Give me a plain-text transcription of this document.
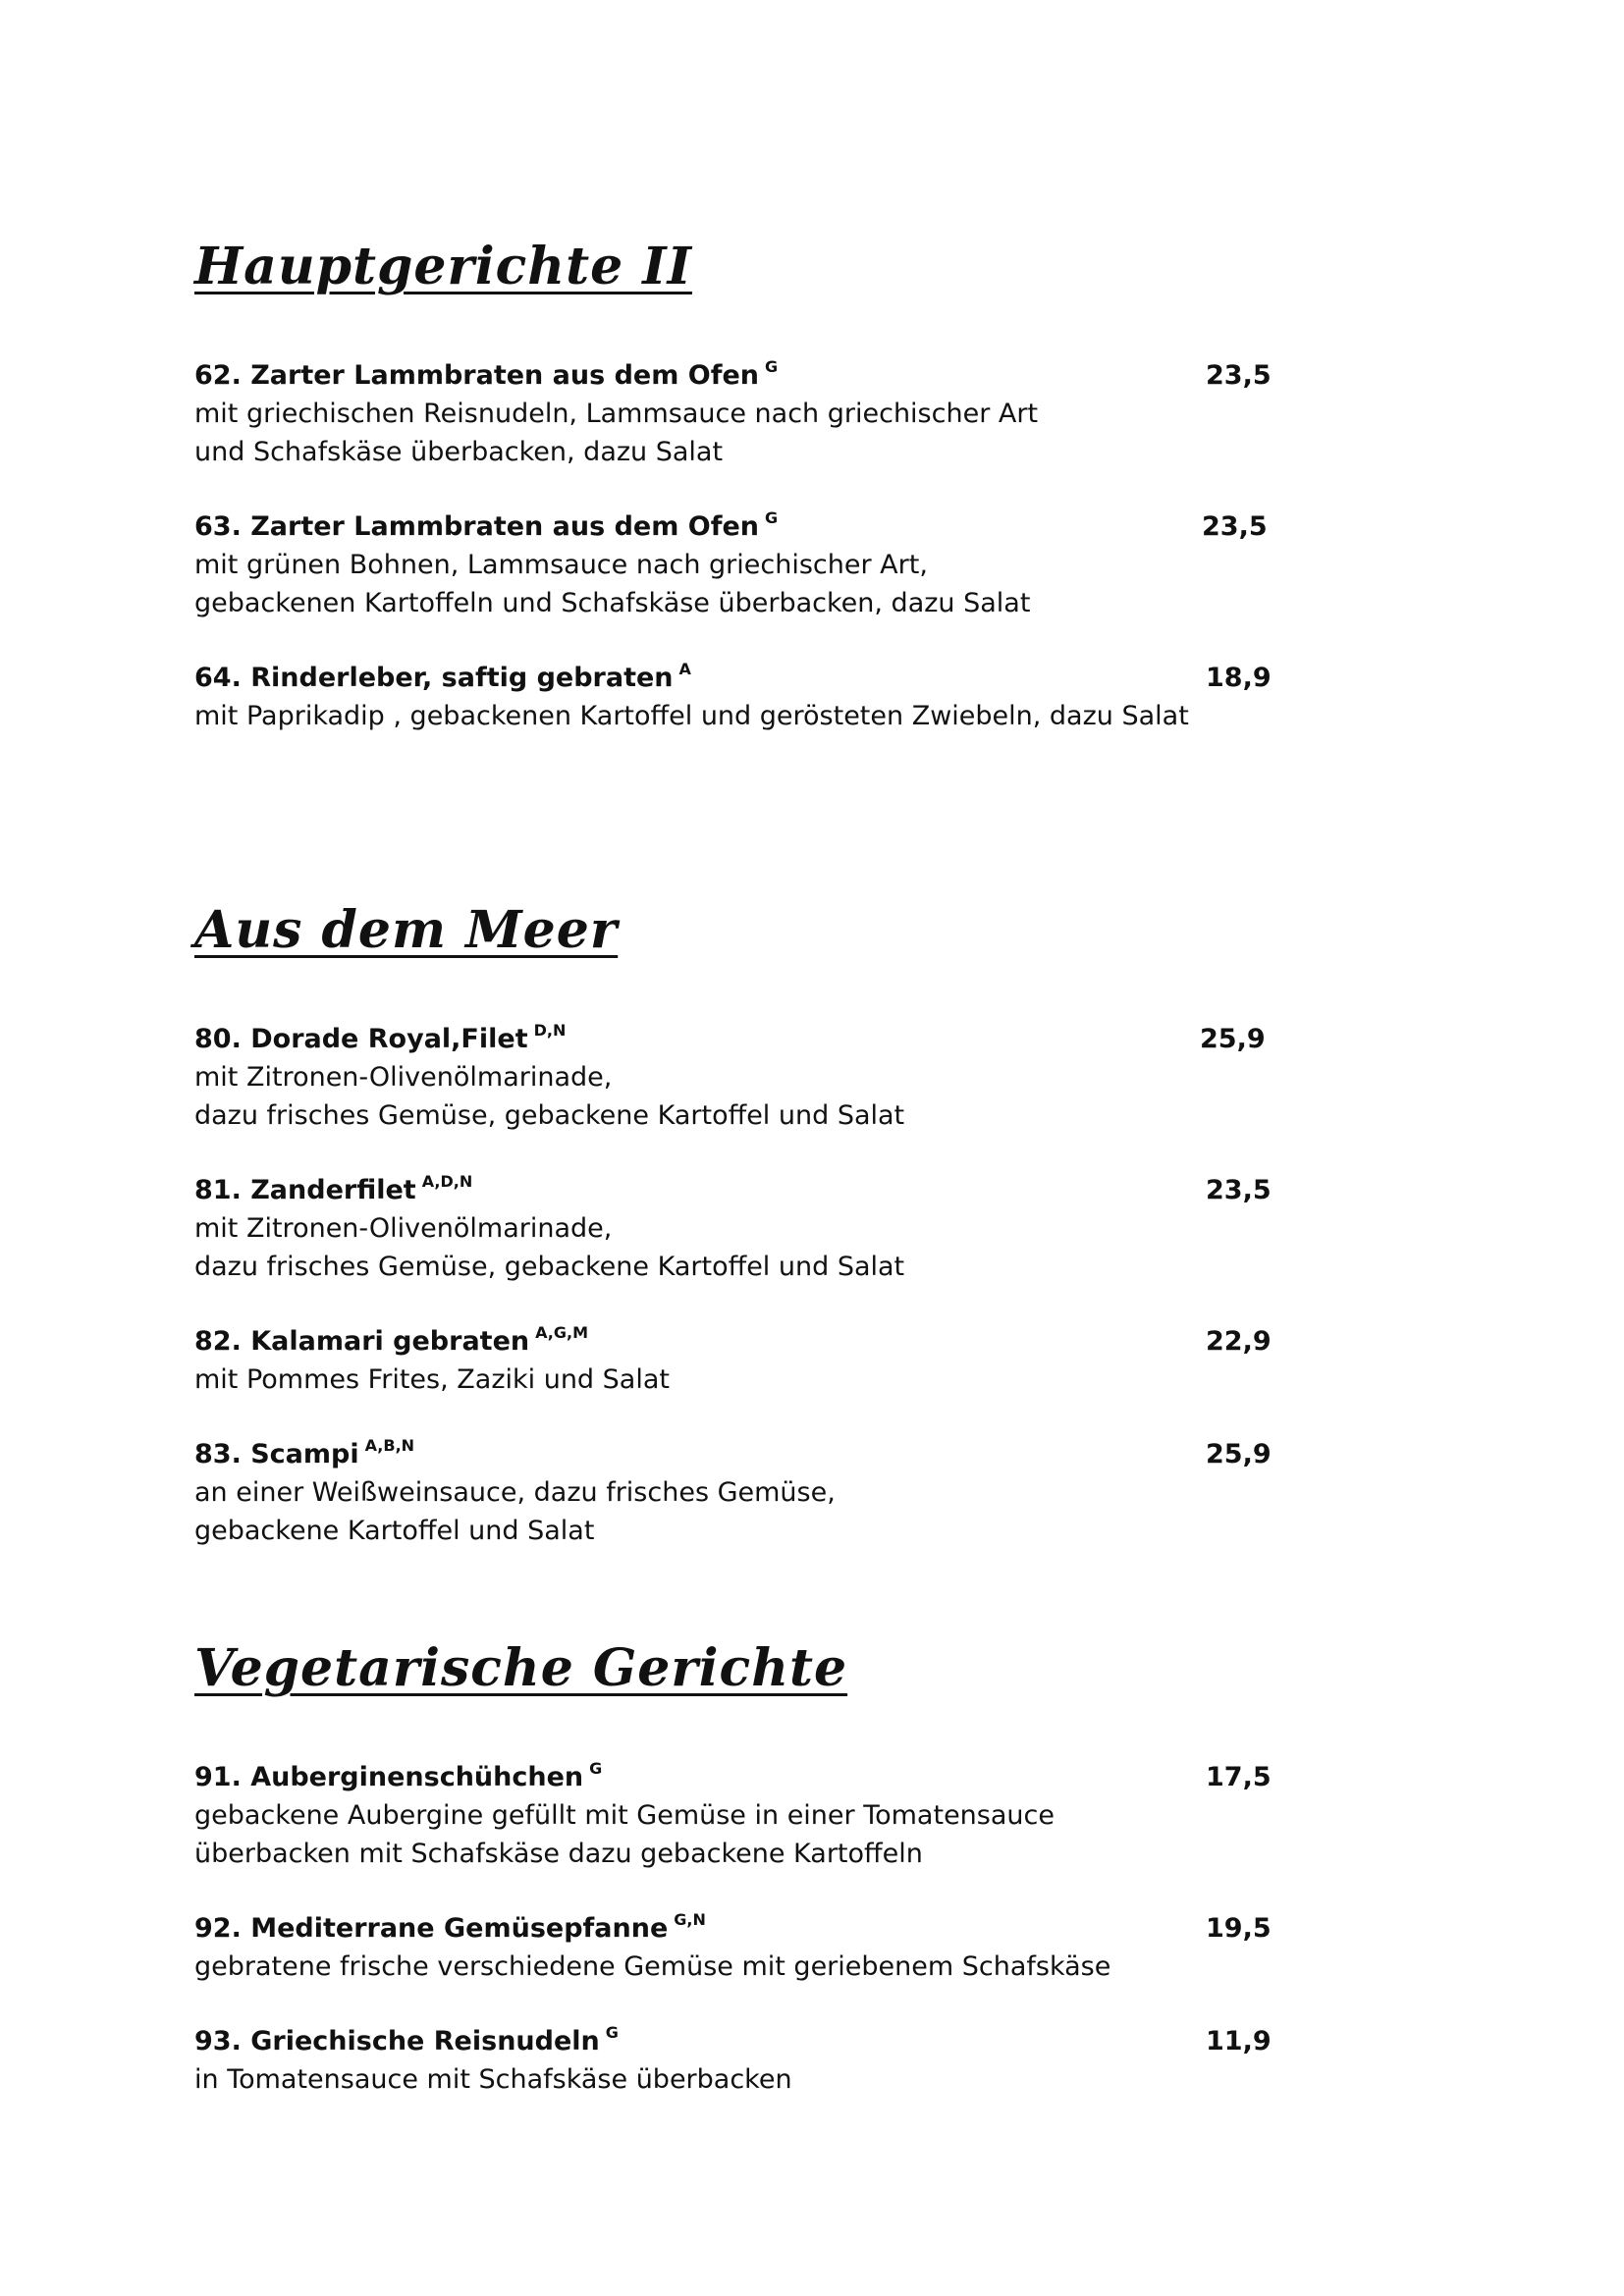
Hauptgerichte II
62. Zarter Lammbraten aus dem Ofen G	23,5
mit griechischen Reisnudeln, Lammsauce nach griechischer Art
und Schafskäse überbacken, dazu Salat
63. Zarter Lammbraten aus dem Ofen G	23,5
mit grünen Bohnen, Lammsauce nach griechischer Art,
gebackenen Kartoffeln und Schafskäse überbacken, dazu Salat
64. Rinderleber, saftig gebraten A	18,9
mit Paprikadip , gebackenen Kartoffel und gerösteten Zwiebeln, dazu Salat
Aus dem Meer
80. Dorade Royal,Filet D,N	25,9
mit Zitronen-Olivenölmarinade,
dazu frisches Gemüse, gebackene Kartoffel und Salat
81. Zanderfilet A,D,N	23,5
mit Zitronen-Olivenölmarinade,
dazu frisches Gemüse, gebackene Kartoffel und Salat
82. Kalamari gebraten A,G,M	22,9
mit Pommes Frites, Zaziki und Salat
83. Scampi A,B,N	25,9
an einer Weißweinsauce, dazu frisches Gemüse,
gebackene Kartoffel und Salat
Vegetarische Gerichte
91. Auberginenschühchen G	17,5
gebackene Aubergine gefüllt mit Gemüse in einer Tomatensauce
überbacken mit Schafskäse dazu gebackene Kartoffeln
92. Mediterrane Gemüsepfanne G,N	19,5
gebratene frische verschiedene Gemüse mit geriebenem Schafskäse
93. Griechische Reisnudeln G	11,9
in Tomatensauce mit Schafskäse überbacken
